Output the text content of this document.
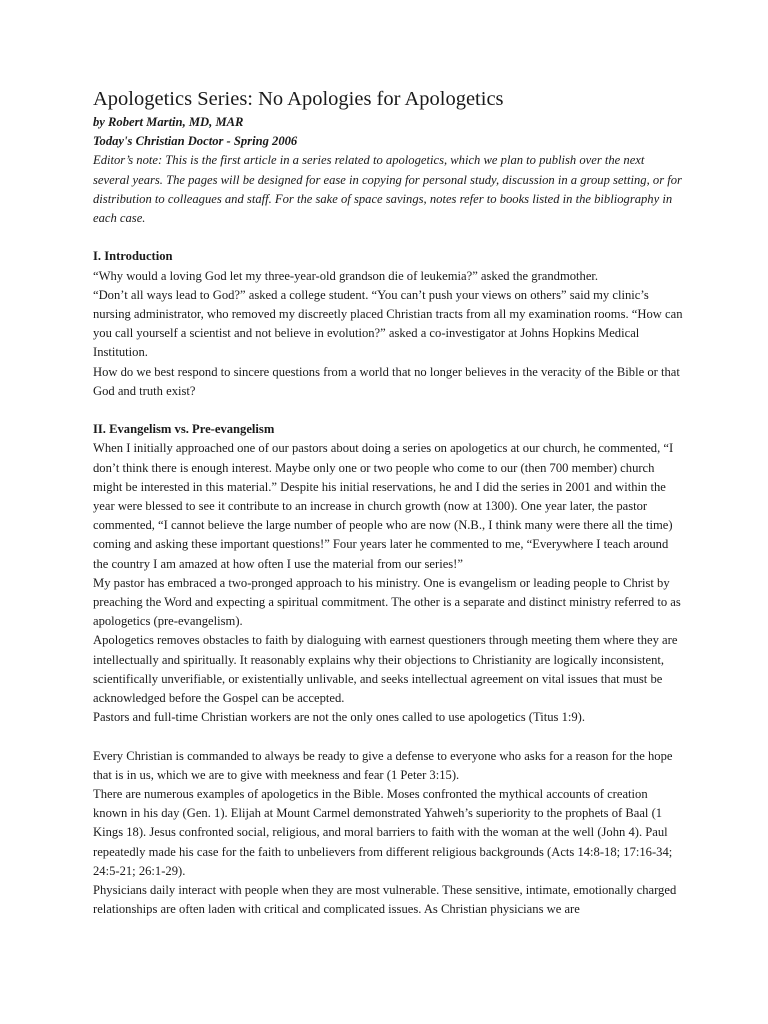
Apologetics Series: No Apologies for Apologetics

by Robert Martin, MD, MAR

Today's Christian Doctor - Spring 2006

Editor’s note: This is the first article in a series related to apologetics, which we plan to publish over the next several years. The pages will be designed for ease in copying for personal study, discussion in a group setting, or for distribution to colleagues and staff. For the sake of space savings, notes refer to books listed in the bibliography in each case.

I. Introduction

“Why would a loving God let my three-year-old grandson die of leukemia?” asked the grandmother.

“Don’t all ways lead to God?” asked a college student. “You can’t push your views on others” said my clinic’s nursing administrator, who removed my discreetly placed Christian tracts from all my examination rooms. “How can you call yourself a scientist and not believe in evolution?” asked a co-investigator at Johns Hopkins Medical Institution.

How do we best respond to sincere questions from a world that no longer believes in the veracity of the Bible or that God and truth exist?

II. Evangelism vs. Pre-evangelism

When I initially approached one of our pastors about doing a series on apologetics at our church, he commented, “I don’t think there is enough interest. Maybe only one or two people who come to our (then 700 member) church might be interested in this material.” Despite his initial reservations, he and I did the series in 2001 and within the year were blessed to see it contribute to an increase in church growth (now at 1300). One year later, the pastor commented, “I cannot believe the large number of people who are now (N.B., I think many were there all the time) coming and asking these important questions!” Four years later he commented to me, “Everywhere I teach around the country I am amazed at how often I use the material from our series!”

My pastor has embraced a two-pronged approach to his ministry. One is evangelism or leading people to Christ by preaching the Word and expecting a spiritual commitment. The other is a separate and distinct ministry referred to as apologetics (pre-evangelism).

Apologetics removes obstacles to faith by dialoguing with earnest questioners through meeting them where they are intellectually and spiritually. It reasonably explains why their objections to Christianity are logically inconsistent, scientifically unverifiable, or existentially unlivable, and seeks intellectual agreement on vital issues that must be acknowledged before the Gospel can be accepted.

Pastors and full-time Christian workers are not the only ones called to use apologetics (Titus 1:9).

Every Christian is commanded to always be ready to give a defense to everyone who asks for a reason for the hope that is in us, which we are to give with meekness and fear (1 Peter 3:15).

There are numerous examples of apologetics in the Bible. Moses confronted the mythical accounts of creation known in his day (Gen. 1). Elijah at Mount Carmel demonstrated Yahweh’s superiority to the prophets of Baal (1 Kings 18). Jesus confronted social, religious, and moral barriers to faith with the woman at the well (John 4). Paul repeatedly made his case for the faith to unbelievers from different religious backgrounds (Acts 14:8-18; 17:16-34; 24:5-21; 26:1-29).

Physicians daily interact with people when they are most vulnerable. These sensitive, intimate, emotionally charged relationships are often laden with critical and complicated issues. As Christian physicians we are
